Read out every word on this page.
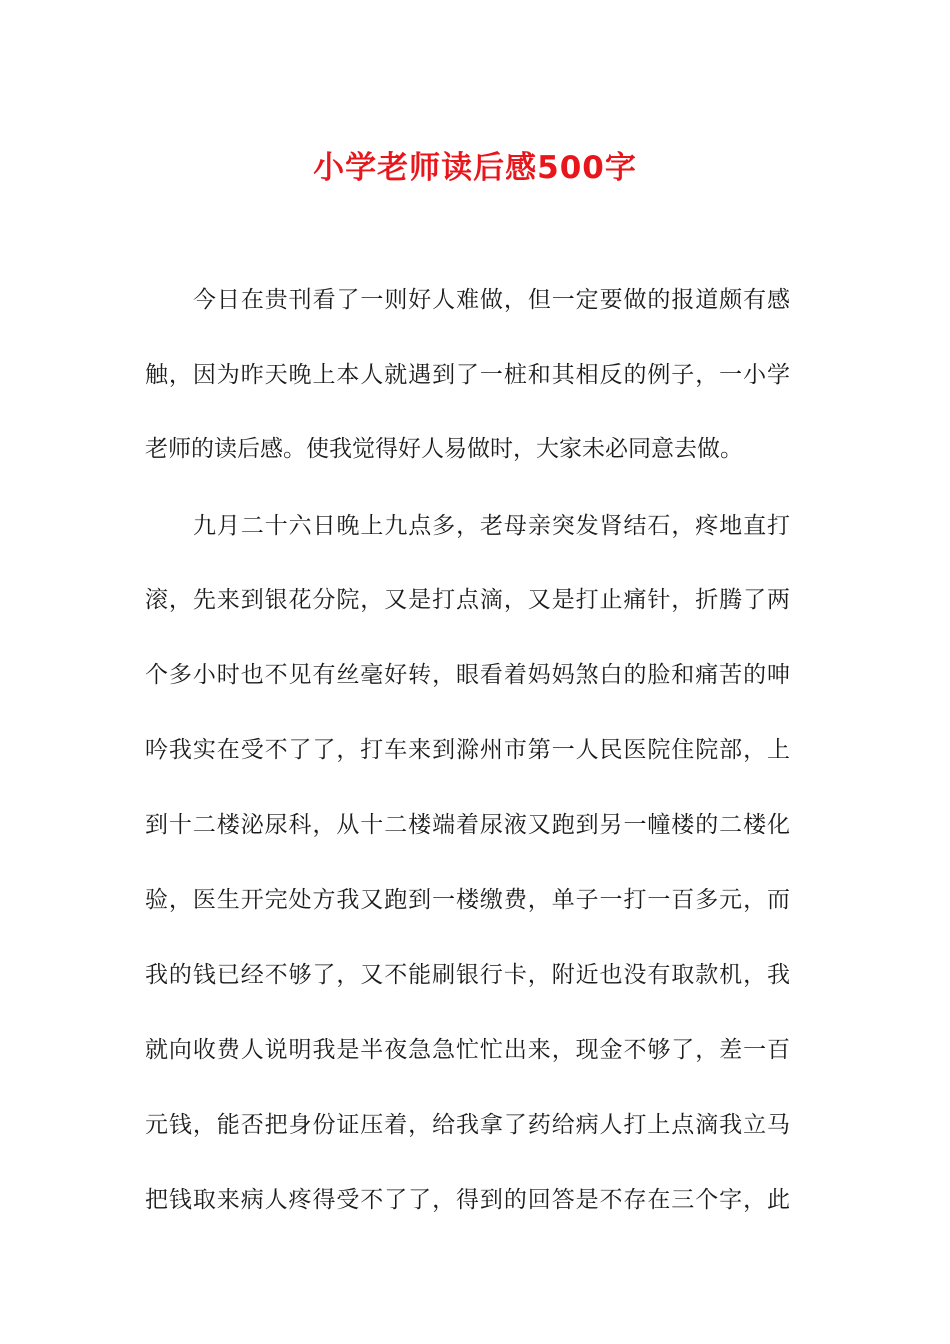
小学老师读后感500字
今日在贵刊看了一则好人难做，但一定要做的报道颇有感
触，因为昨天晚上本人就遇到了一桩和其相反的例子，一小学
老师的读后感。使我觉得好人易做时，大家未必同意去做。
九月二十六日晚上九点多，老母亲突发肾结石，疼地直打
滚，先来到银花分院，又是打点滴，又是打止痛针，折腾了两
个多小时也不见有丝毫好转，眼看着妈妈煞白的脸和痛苦的呻
吟我实在受不了了，打车来到滁州市第一人民医院住院部，上
到十二楼泌尿科，从十二楼端着尿液又跑到另一幢楼的二楼化
验，医生开完处方我又跑到一楼缴费，单子一打一百多元，而
我的钱已经不够了，又不能刷银行卡，附近也没有取款机，我
就向收费人说明我是半夜急急忙忙出来，现金不够了，差一百
元钱，能否把身份证压着，给我拿了药给病人打上点滴我立马
把钱取来病人疼得受不了了，得到的回答是不存在三个字，此
